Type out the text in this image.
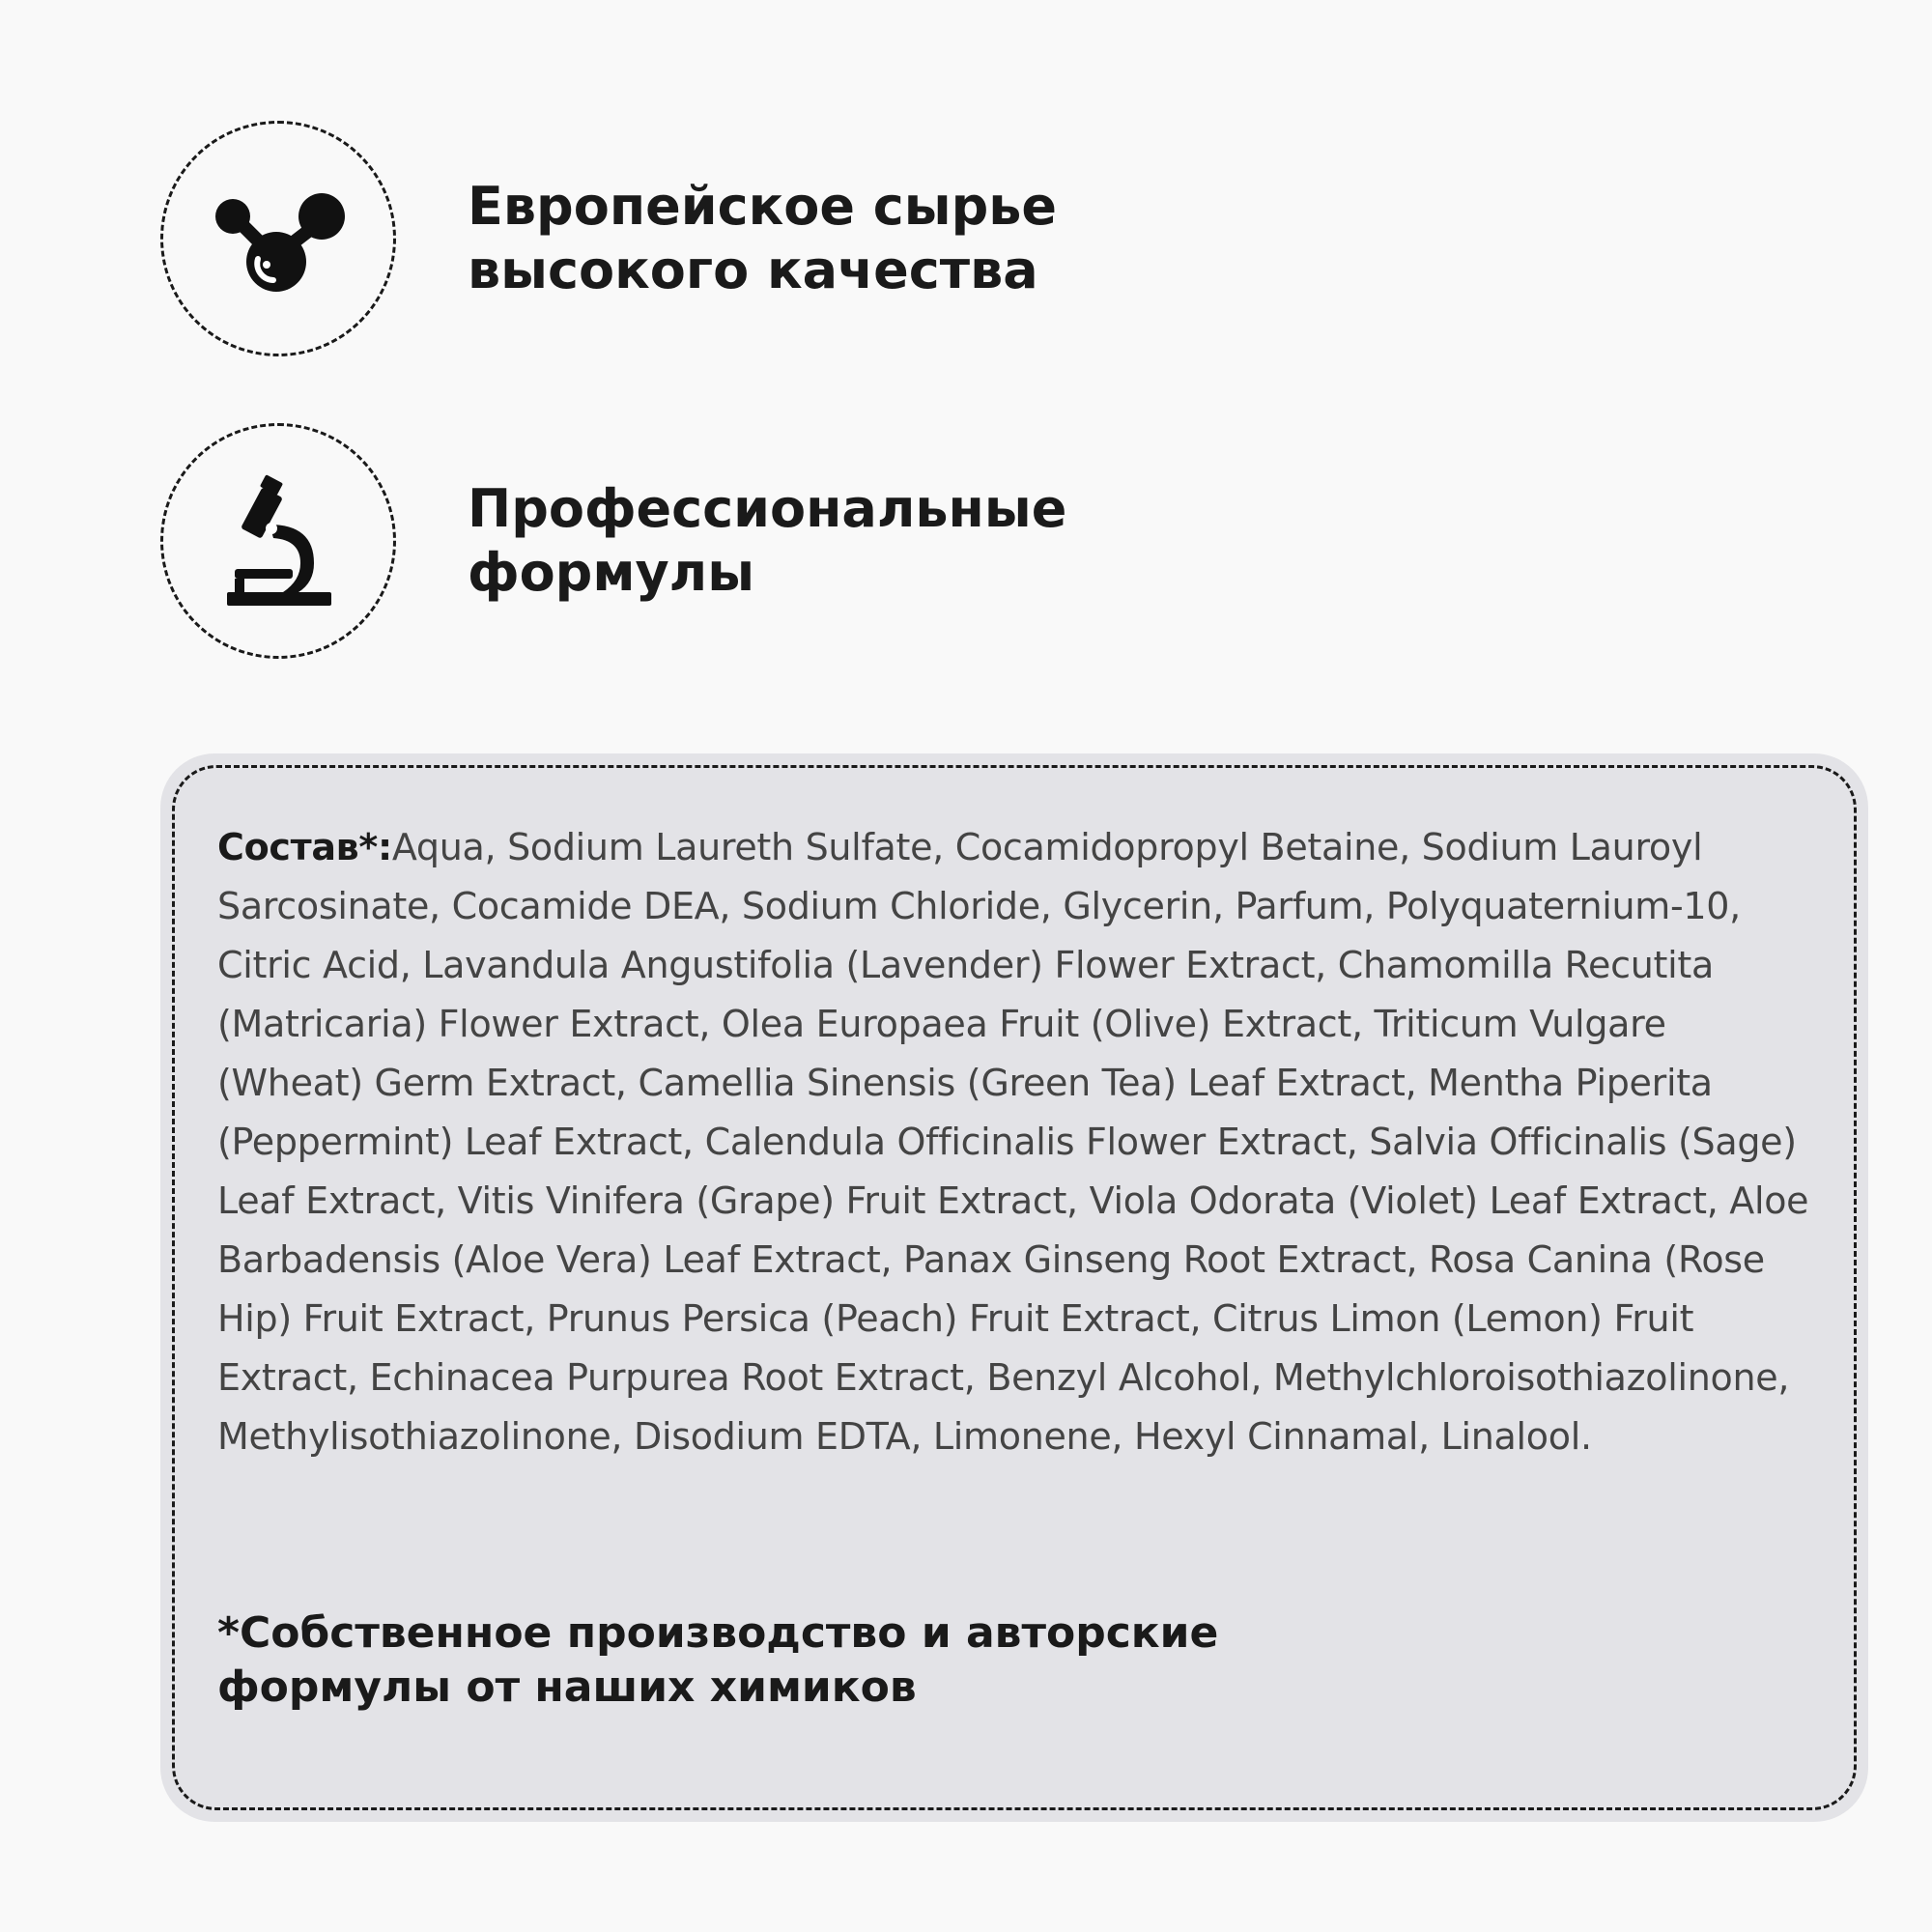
Европейское сырье
высокого качества
Профессиональные
формулы

Состав*:Aqua, Sodium Laureth Sulfate, Cocamidopropyl Betaine, Sodium Lauroyl Sarcosinate, Cocamide DEA, Sodium Chloride, Glycerin, Parfum, Polyquaternium-10, Citric Acid, Lavandula Angustifolia (Lavender) Flower Extract, Chamomilla Recutita (Matricaria) Flower Extract, Olea Europaea Fruit (Olive) Extract, Triticum Vulgare (Wheat) Germ Extract, Camellia Sinensis (Green Tea) Leaf Extract, Mentha Piperita (Peppermint) Leaf Extract, Calendula Officinalis Flower Extract, Salvia Officinalis (Sage) Leaf Extract, Vitis Vinifera (Grape) Fruit Extract, Viola Odorata (Violet) Leaf Extract, Aloe Barbadensis (Aloe Vera) Leaf Extract, Panax Ginseng Root Extract, Rosa Canina (Rose Hip) Fruit Extract, Prunus Persica (Peach) Fruit Extract, Citrus Limon (Lemon) Fruit Extract, Echinacea Purpurea Root Extract, Benzyl Alcohol, Methylchloroisothiazolinone, Methylisothiazolinone, Disodium EDTA, Limonene, Hexyl Cinnamal, Linalool.

*Собственное производство и авторские
формулы от наших химиков
